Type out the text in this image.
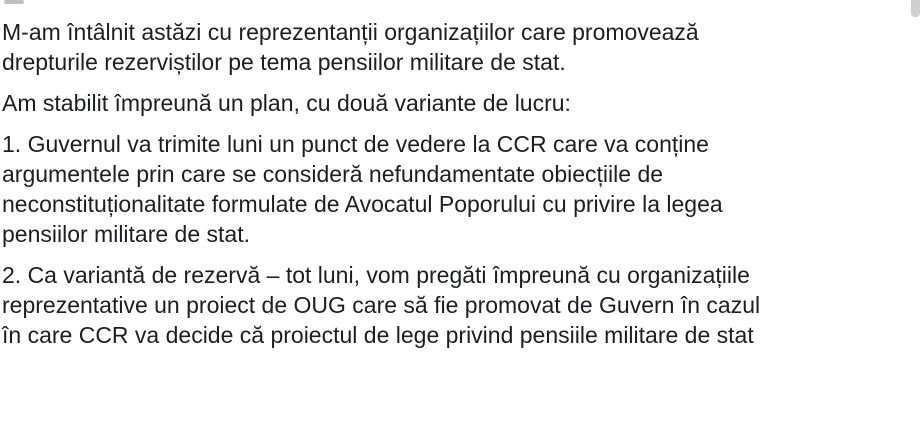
M-am întâlnit astăzi cu reprezentanții organizațiilor care promovează
drepturile rezerviștilor pe tema pensiilor militare de stat.

Am stabilit împreună un plan, cu două variante de lucru:

1. Guvernul va trimite luni un punct de vedere la CCR care va conține
argumentele prin care se consideră nefundamentate obiecțiile de
neconstituționalitate formulate de Avocatul Poporului cu privire la legea
pensiilor militare de stat.

2. Ca variantă de rezervă – tot luni, vom pregăti împreună cu organizațiile
reprezentative un proiect de OUG care să fie promovat de Guvern în cazul
în care CCR va decide că proiectul de lege privind pensiile militare de stat
